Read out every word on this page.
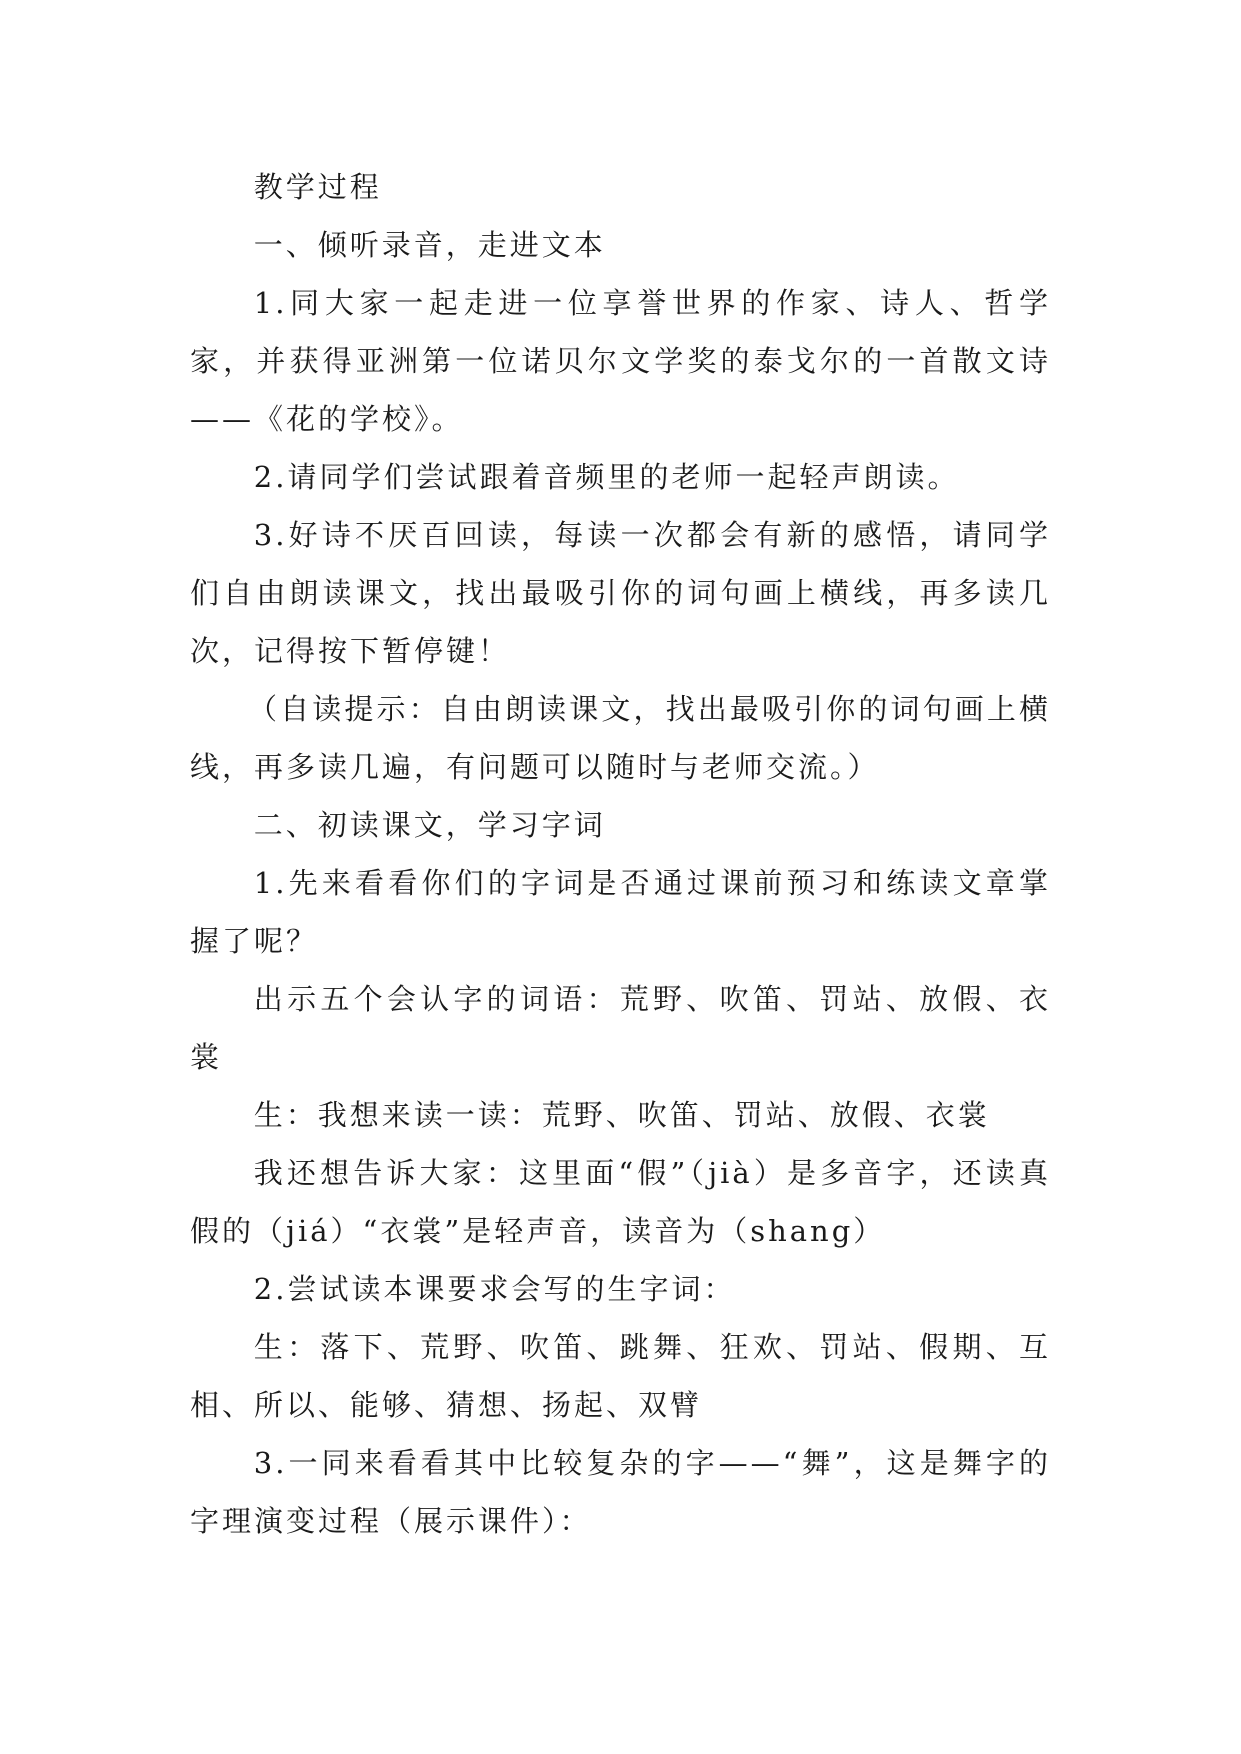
教学过程

一、倾听录音，走进文本

1.同大家一起走进一位享誉世界的作家、诗人、哲学家，并获得亚洲第一位诺贝尔文学奖的泰戈尔的一首散文诗——《花的学校》。

2.请同学们尝试跟着音频里的老师一起轻声朗读。

3.好诗不厌百回读，每读一次都会有新的感悟，请同学们自由朗读课文，找出最吸引你的词句画上横线，再多读几次，记得按下暂停键！

（自读提示：自由朗读课文，找出最吸引你的词句画上横线，再多读几遍，有问题可以随时与老师交流。）

二、初读课文，学习字词

1.先来看看你们的字词是否通过课前预习和练读文章掌握了呢？

出示五个会认字的词语：荒野、吹笛、罚站、放假、衣裳

生：我想来读一读：荒野、吹笛、罚站、放假、衣裳

我还想告诉大家：这里面“假”（jià）是多音字，还读真假的（jiá）“衣裳”是轻声音，读音为（shang）

2.尝试读本课要求会写的生字词：

生：落下、荒野、吹笛、跳舞、狂欢、罚站、假期、互相、所以、能够、猜想、扬起、双臂

3.一同来看看其中比较复杂的字——“舞”，这是舞字的字理演变过程（展示课件）：
